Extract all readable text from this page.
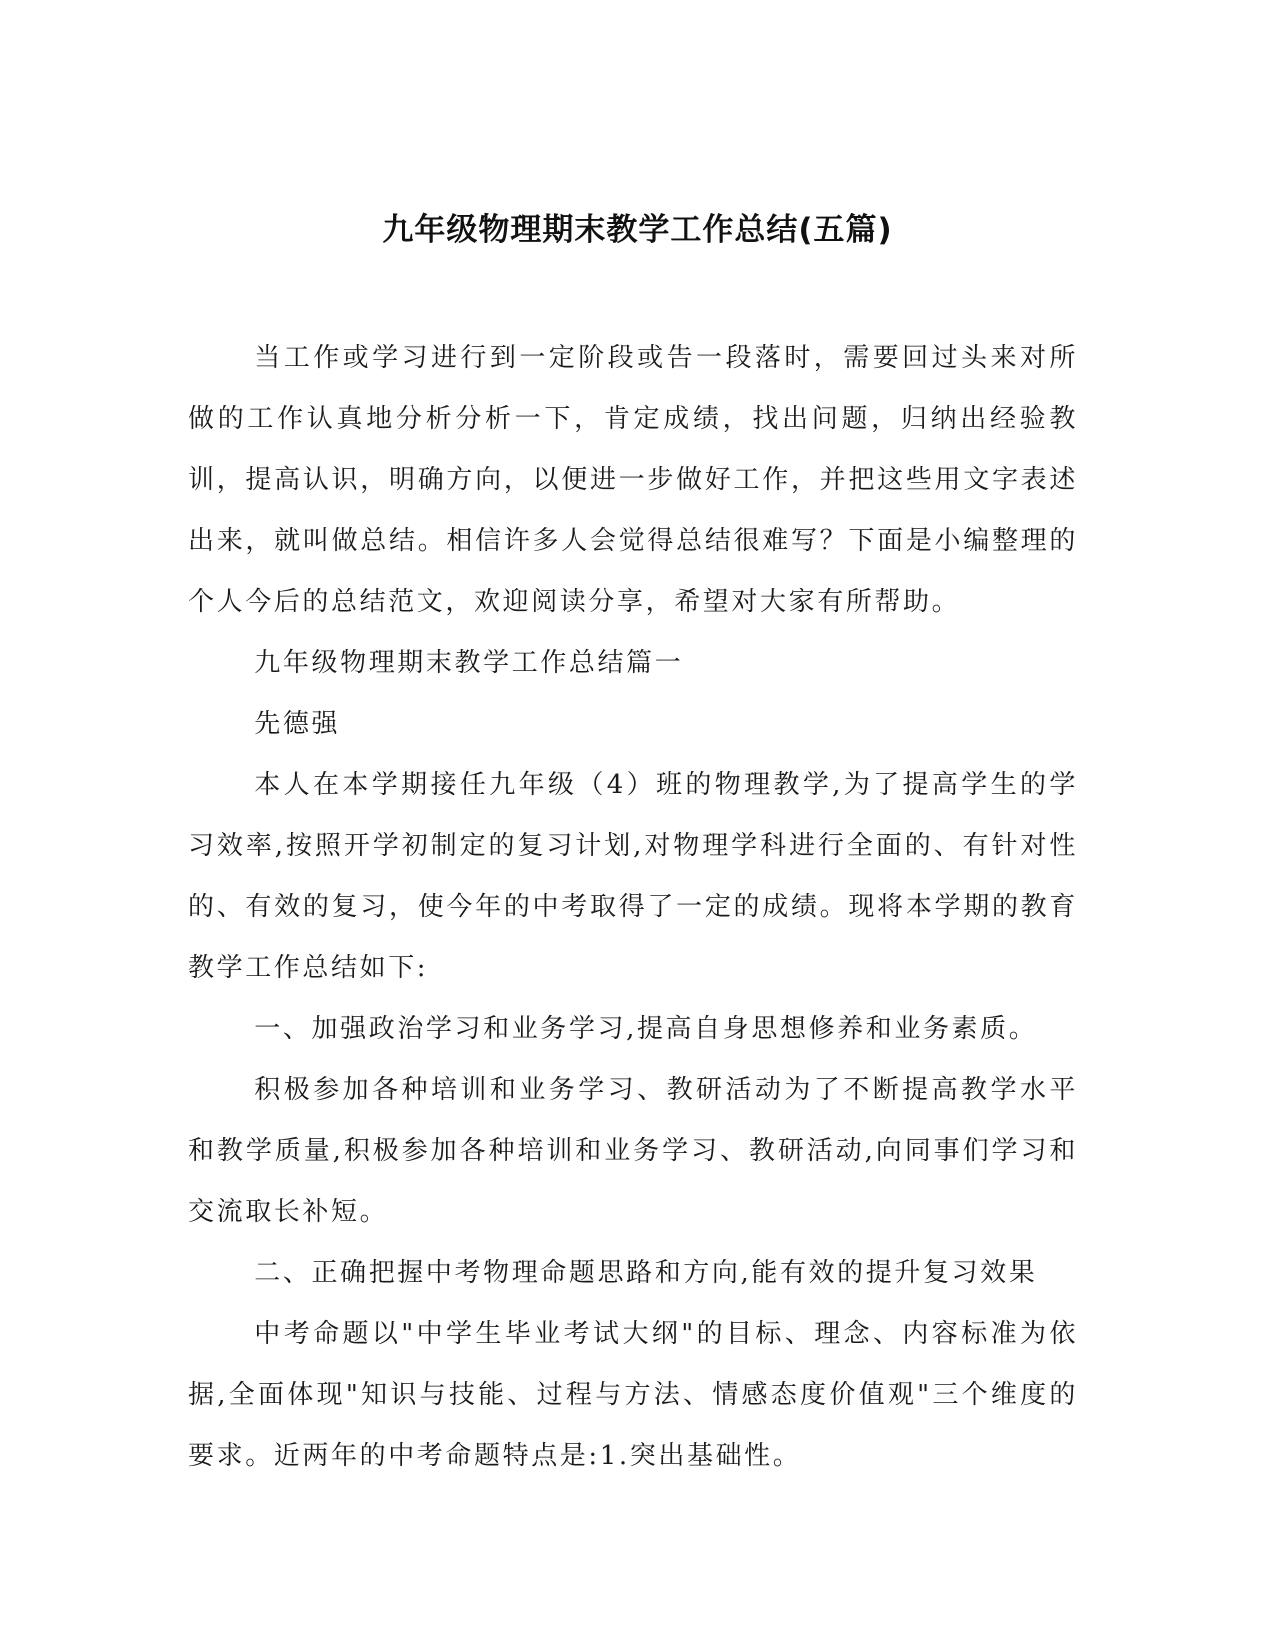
九年级物理期末教学工作总结(五篇)

当工作或学习进行到一定阶段或告一段落时，需要回过头来对所做的工作认真地分析分析一下，肯定成绩，找出问题，归纳出经验教训，提高认识，明确方向，以便进一步做好工作，并把这些用文字表述出来，就叫做总结。相信许多人会觉得总结很难写？下面是小编整理的个人今后的总结范文，欢迎阅读分享，希望对大家有所帮助。

九年级物理期末教学工作总结篇一

先德强

本人在本学期接任九年级（4）班的物理教学,为了提高学生的学习效率,按照开学初制定的复习计划,对物理学科进行全面的、有针对性的、有效的复习，使今年的中考取得了一定的成绩。现将本学期的教育教学工作总结如下:

一、加强政治学习和业务学习,提高自身思想修养和业务素质。

积极参加各种培训和业务学习、教研活动为了不断提高教学水平和教学质量,积极参加各种培训和业务学习、教研活动,向同事们学习和交流取长补短。

二、正确把握中考物理命题思路和方向,能有效的提升复习效果

中考命题以"中学生毕业考试大纲"的目标、理念、内容标准为依据,全面体现"知识与技能、过程与方法、情感态度价值观"三个维度的要求。近两年的中考命题特点是:1.突出基础性。
